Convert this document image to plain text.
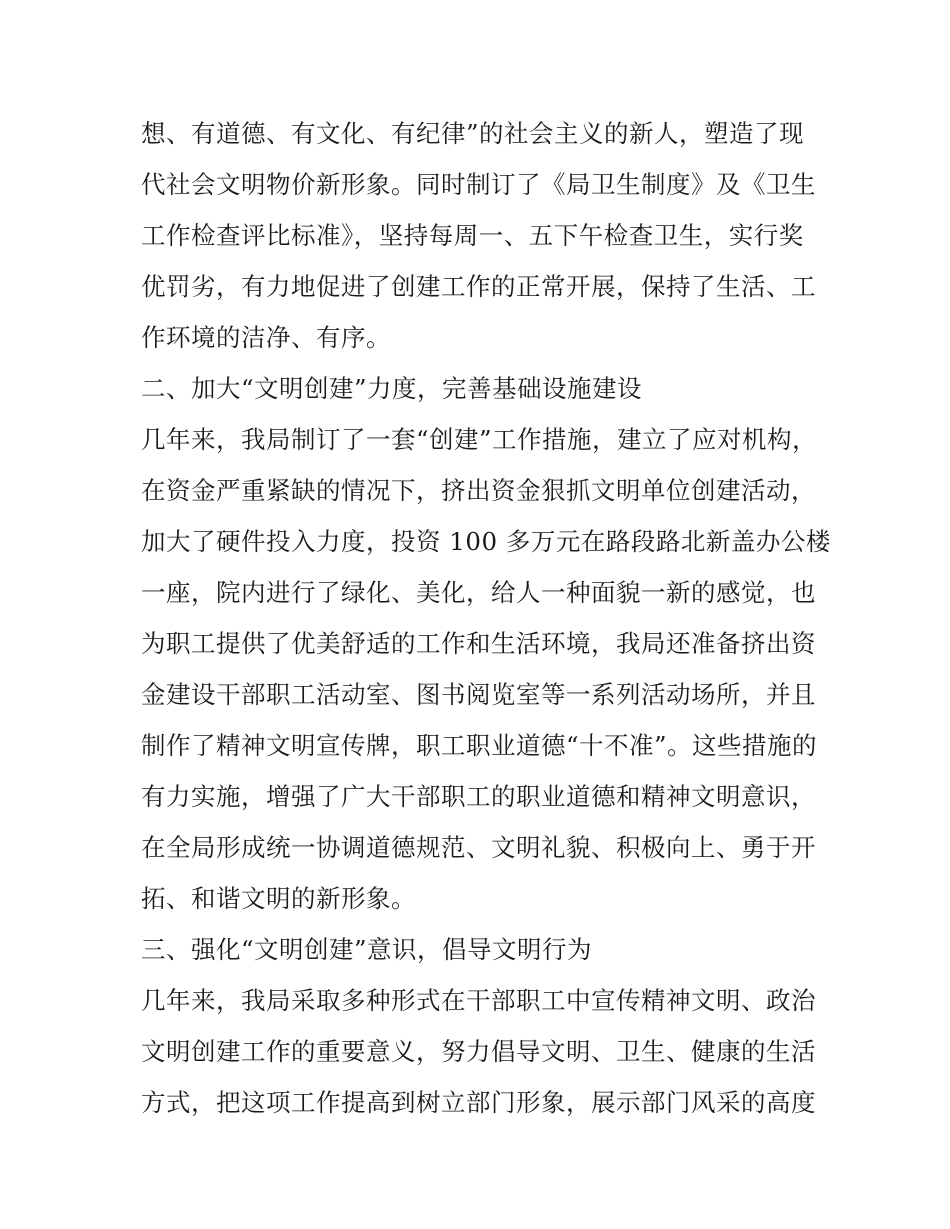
想、有道德、有文化、有纪律”的社会主义的新人，塑造了现
代社会文明物价新形象。同时制订了《局卫生制度》及《卫生
工作检查评比标准》，坚持每周一、五下午检查卫生，实行奖
优罚劣，有力地促进了创建工作的正常开展，保持了生活、工
作环境的洁净、有序。
二、加大“文明创建”力度，完善基础设施建设
几年来，我局制订了一套“创建”工作措施，建立了应对机构，
在资金严重紧缺的情况下，挤出资金狠抓文明单位创建活动，
加大了硬件投入力度，投资 100 多万元在路段路北新盖办公楼
一座，院内进行了绿化、美化，给人一种面貌一新的感觉，也
为职工提供了优美舒适的工作和生活环境，我局还准备挤出资
金建设干部职工活动室、图书阅览室等一系列活动场所，并且
制作了精神文明宣传牌，职工职业道德“十不准”。这些措施的
有力实施，增强了广大干部职工的职业道德和精神文明意识，
在全局形成统一协调道德规范、文明礼貌、积极向上、勇于开
拓、和谐文明的新形象。
三、强化“文明创建”意识，倡导文明行为
几年来，我局采取多种形式在干部职工中宣传精神文明、政治
文明创建工作的重要意义，努力倡导文明、卫生、健康的生活
方式，把这项工作提高到树立部门形象，展示部门风采的高度
